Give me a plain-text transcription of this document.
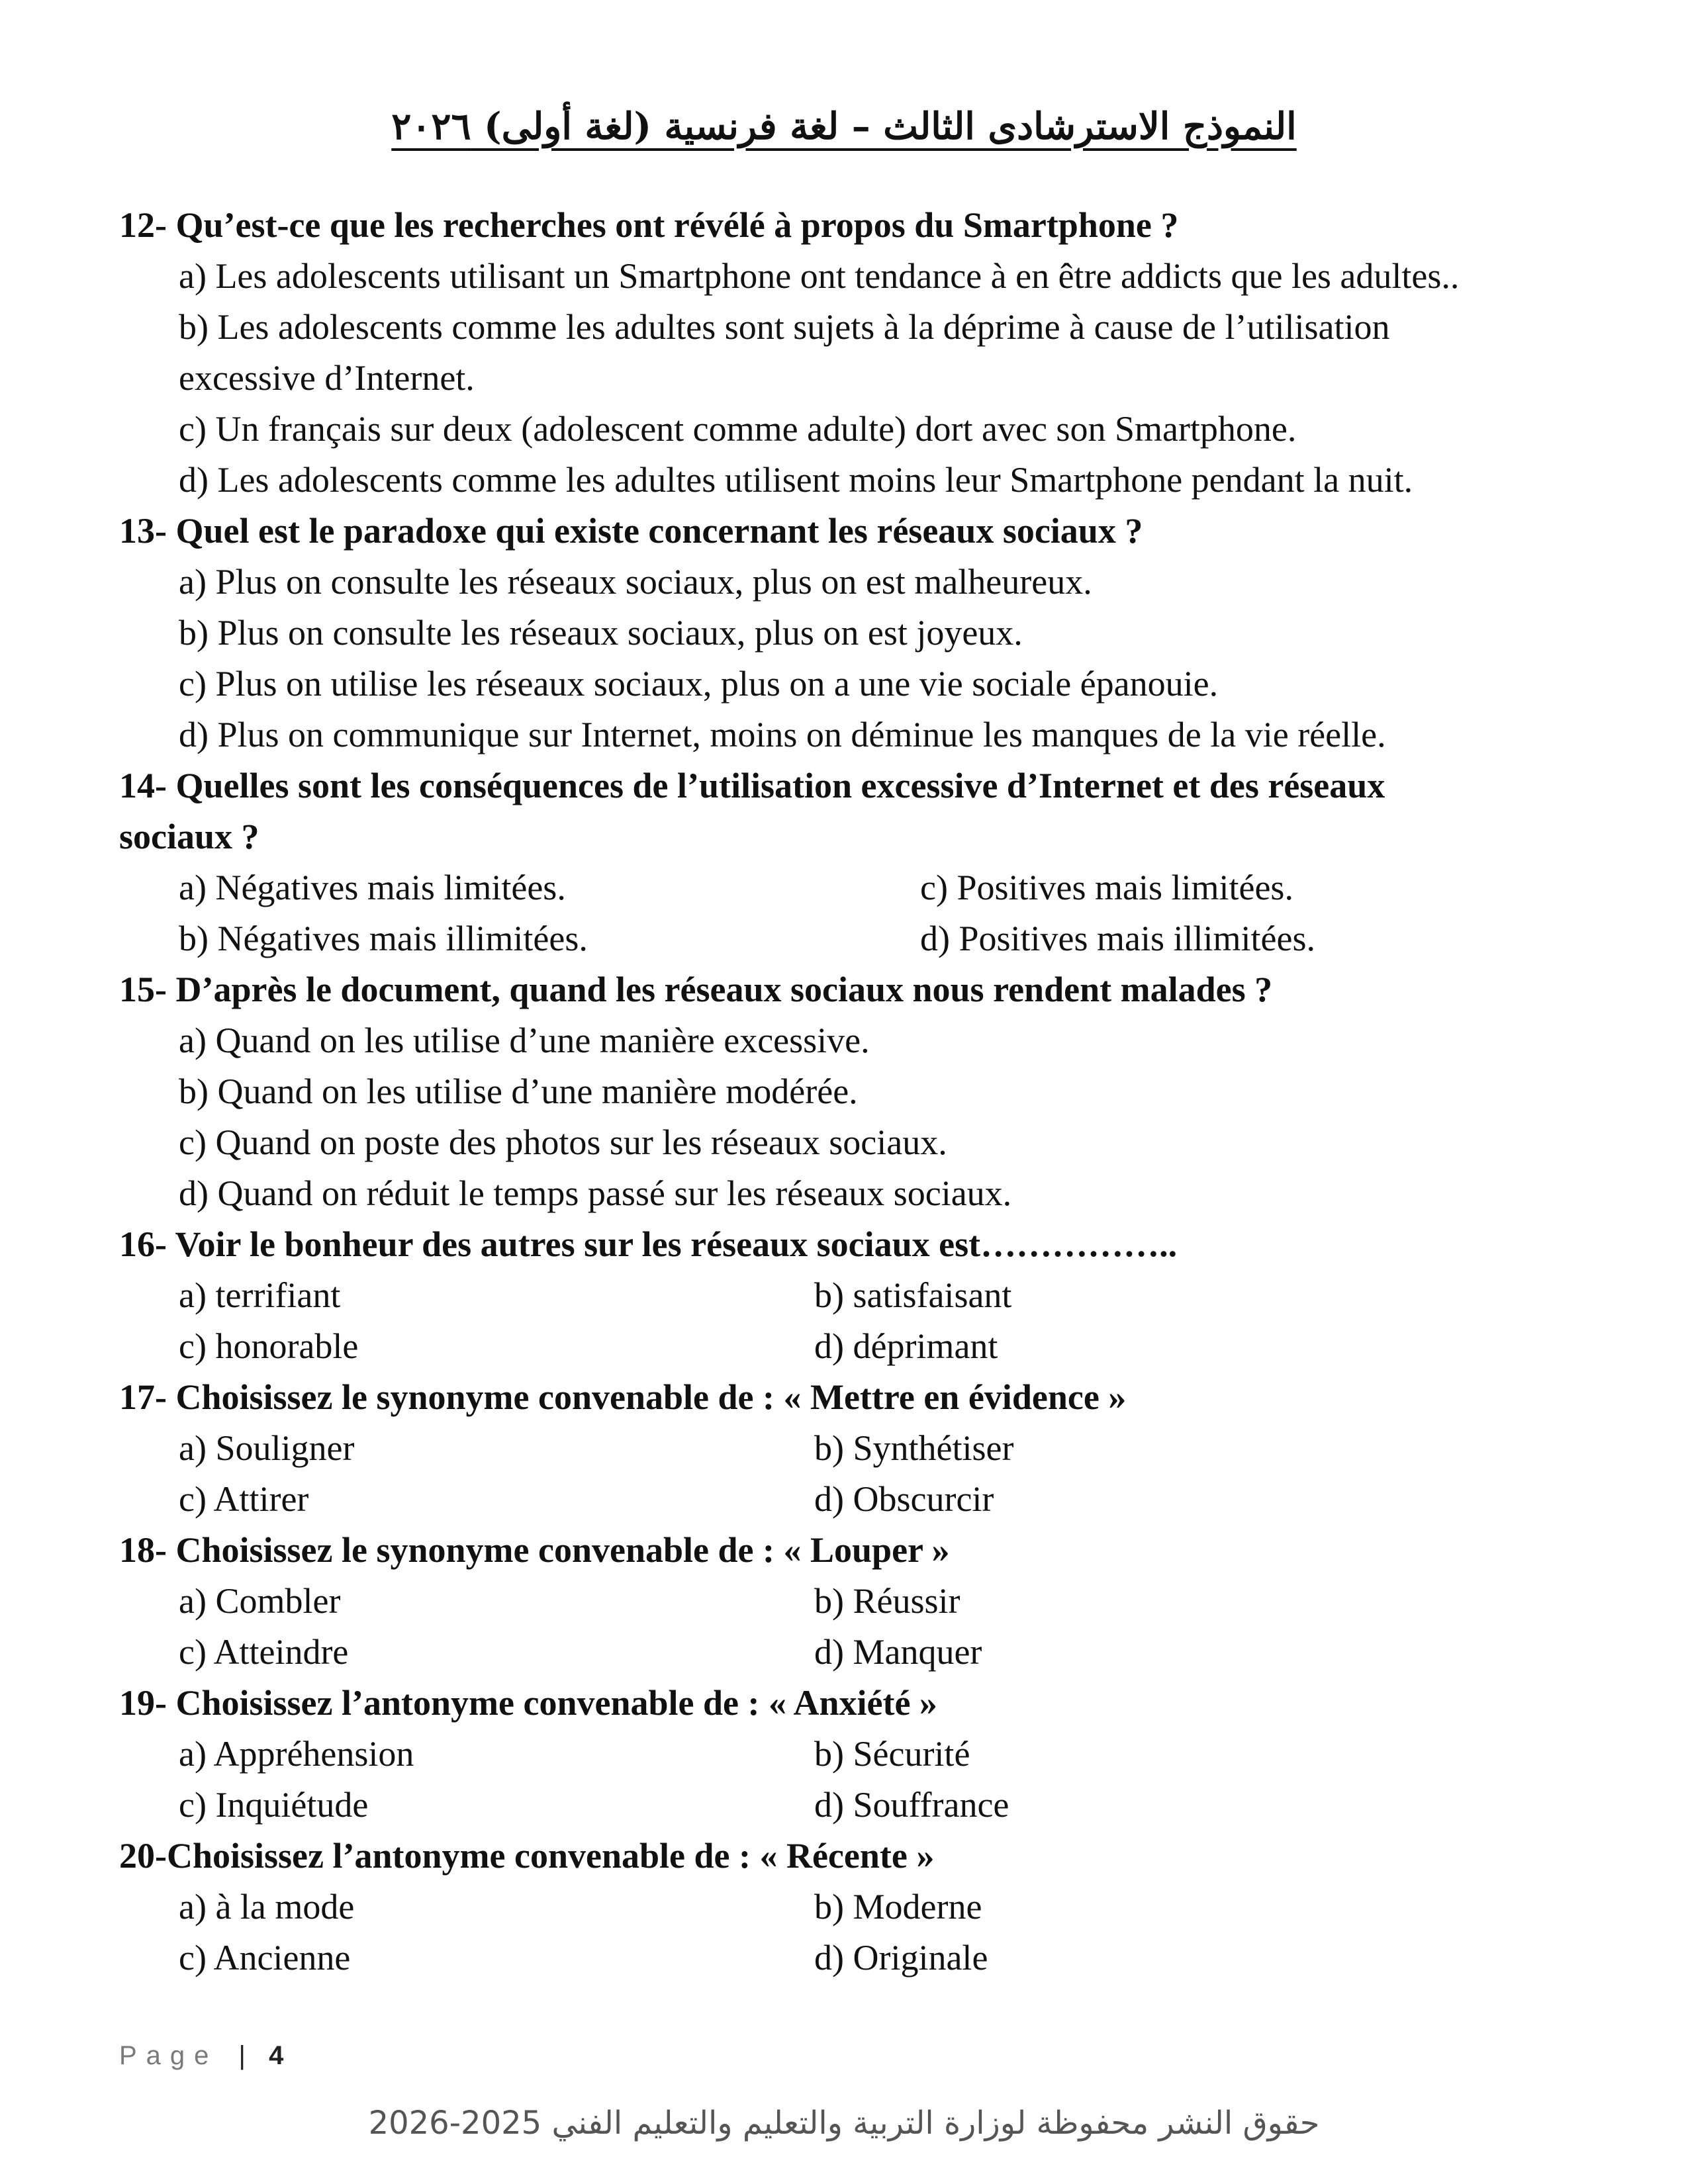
النموذج الاسترشادى الثالث – لغة فرنسية (لغة أولى) ٢٠٢٦

12- Qu’est-ce que les recherches ont révélé à propos du Smartphone ?

a) Les adolescents utilisant un Smartphone ont tendance à en être addicts que les adultes..

b) Les adolescents comme les adultes sont sujets à la déprime à cause de l’utilisation

excessive d’Internet.

c) Un français sur deux (adolescent comme adulte) dort avec son Smartphone.

d) Les adolescents comme les adultes utilisent moins leur Smartphone pendant la nuit.

13- Quel est le paradoxe qui existe concernant les réseaux sociaux ?

a) Plus on consulte les réseaux sociaux, plus on est malheureux.

b) Plus on consulte les réseaux sociaux, plus on est joyeux.

c) Plus on utilise les réseaux sociaux, plus on a une vie sociale épanouie.

d) Plus on communique sur Internet, moins on déminue les manques de la vie réelle.

14- Quelles sont les conséquences de l’utilisation excessive d’Internet et des réseaux

sociaux ?

a) Négatives mais limitées.	c) Positives mais limitées.
b) Négatives mais illimitées.	d) Positives mais illimitées.

15- D’après le document, quand les réseaux sociaux nous rendent malades ?

a) Quand on les utilise d’une manière excessive.

b) Quand on les utilise d’une manière modérée.

c) Quand on poste des photos sur les réseaux sociaux.

d) Quand on réduit le temps passé sur les réseaux sociaux.

16- Voir le bonheur des autres sur les réseaux sociaux est……………..

a) terrifiant	b) satisfaisant
c) honorable	d) déprimant

17- Choisissez le synonyme convenable de : « Mettre en évidence »

a) Souligner	b) Synthétiser
c) Attirer	d) Obscurcir

18- Choisissez le synonyme convenable de : « Louper »

a) Combler	b) Réussir
c) Atteindre	d) Manquer

19- Choisissez l’antonyme convenable de : « Anxiété »

a) Appréhension	b) Sécurité
c) Inquiétude	d) Souffrance

20-Choisissez l’antonyme convenable de : « Récente »

a) à la mode	b) Moderne
c) Ancienne	d) Originale
Page | 4
حقوق النشر محفوظة لوزارة التربية والتعليم والتعليم الفني 2025-2026
